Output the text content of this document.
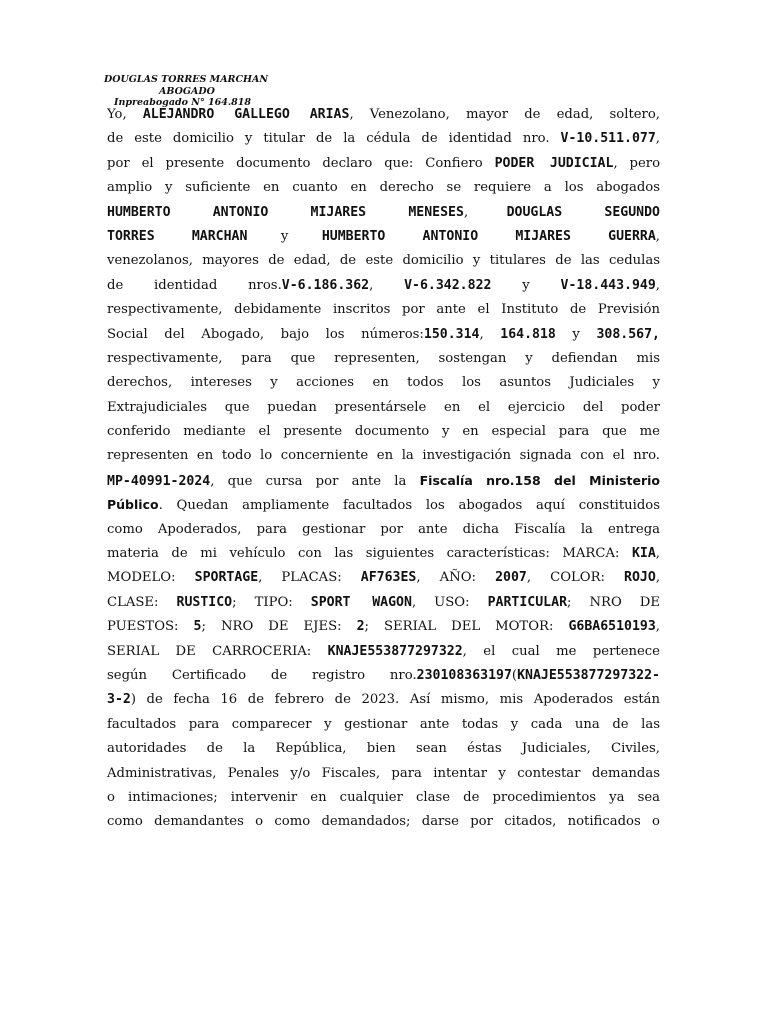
DOUGLAS TORRES MARCHAN
ABOGADO
Inpreabogado N° 164.818
Yo, ALEJANDRO GALLEGO ARIAS, Venezolano, mayor de edad, soltero,
de este domicilio y titular de la cédula de identidad nro. V-10.511.077,
por el presente documento declaro que: Confiero PODER JUDICIAL, pero
amplio y suficiente en cuanto en derecho se requiere a los abogados
HUMBERTO ANTONIO MIJARES MENESES, DOUGLAS SEGUNDO
TORRES MARCHAN y HUMBERTO ANTONIO MIJARES GUERRA,
venezolanos, mayores de edad, de este domicilio y titulares de las cedulas
de identidad nros.V-6.186.362, V-6.342.822 y V-18.443.949,
respectivamente, debidamente inscritos por ante el Instituto de Previsión
Social del Abogado, bajo los números:150.314, 164.818 y 308.567,
respectivamente, para que representen, sostengan y defiendan mis
derechos, intereses y acciones en todos los asuntos Judiciales y
Extrajudiciales que puedan presentársele en el ejercicio del poder
conferido mediante el presente documento y en especial para que me
representen en todo lo concerniente en la investigación signada con el nro.
MP-40991-2024, que cursa por ante la Fiscalía nro.158 del Ministerio
Público. Quedan ampliamente facultados los abogados aquí constituidos
como Apoderados, para gestionar por ante dicha Fiscalía la entrega
materia de mi vehículo con las siguientes características: MARCA: KIA,
MODELO: SPORTAGE, PLACAS: AF763ES, AÑO: 2007, COLOR: ROJO,
CLASE: RUSTICO; TIPO: SPORT WAGON, USO: PARTICULAR; NRO DE
PUESTOS: 5; NRO DE EJES: 2; SERIAL DEL MOTOR: G6BA6510193,
SERIAL DE CARROCERIA: KNAJE553877297322, el cual me pertenece
según Certificado de registro nro.230108363197(KNAJE553877297322-
3-2) de fecha 16 de febrero de 2023. Así mismo, mis Apoderados están
facultados para comparecer y gestionar ante todas y cada una de las
autoridades de la República, bien sean éstas Judiciales, Civiles,
Administrativas, Penales y/o Fiscales, para intentar y contestar demandas
o intimaciones; intervenir en cualquier clase de procedimientos ya sea
como demandantes o como demandados; darse por citados, notificados o
